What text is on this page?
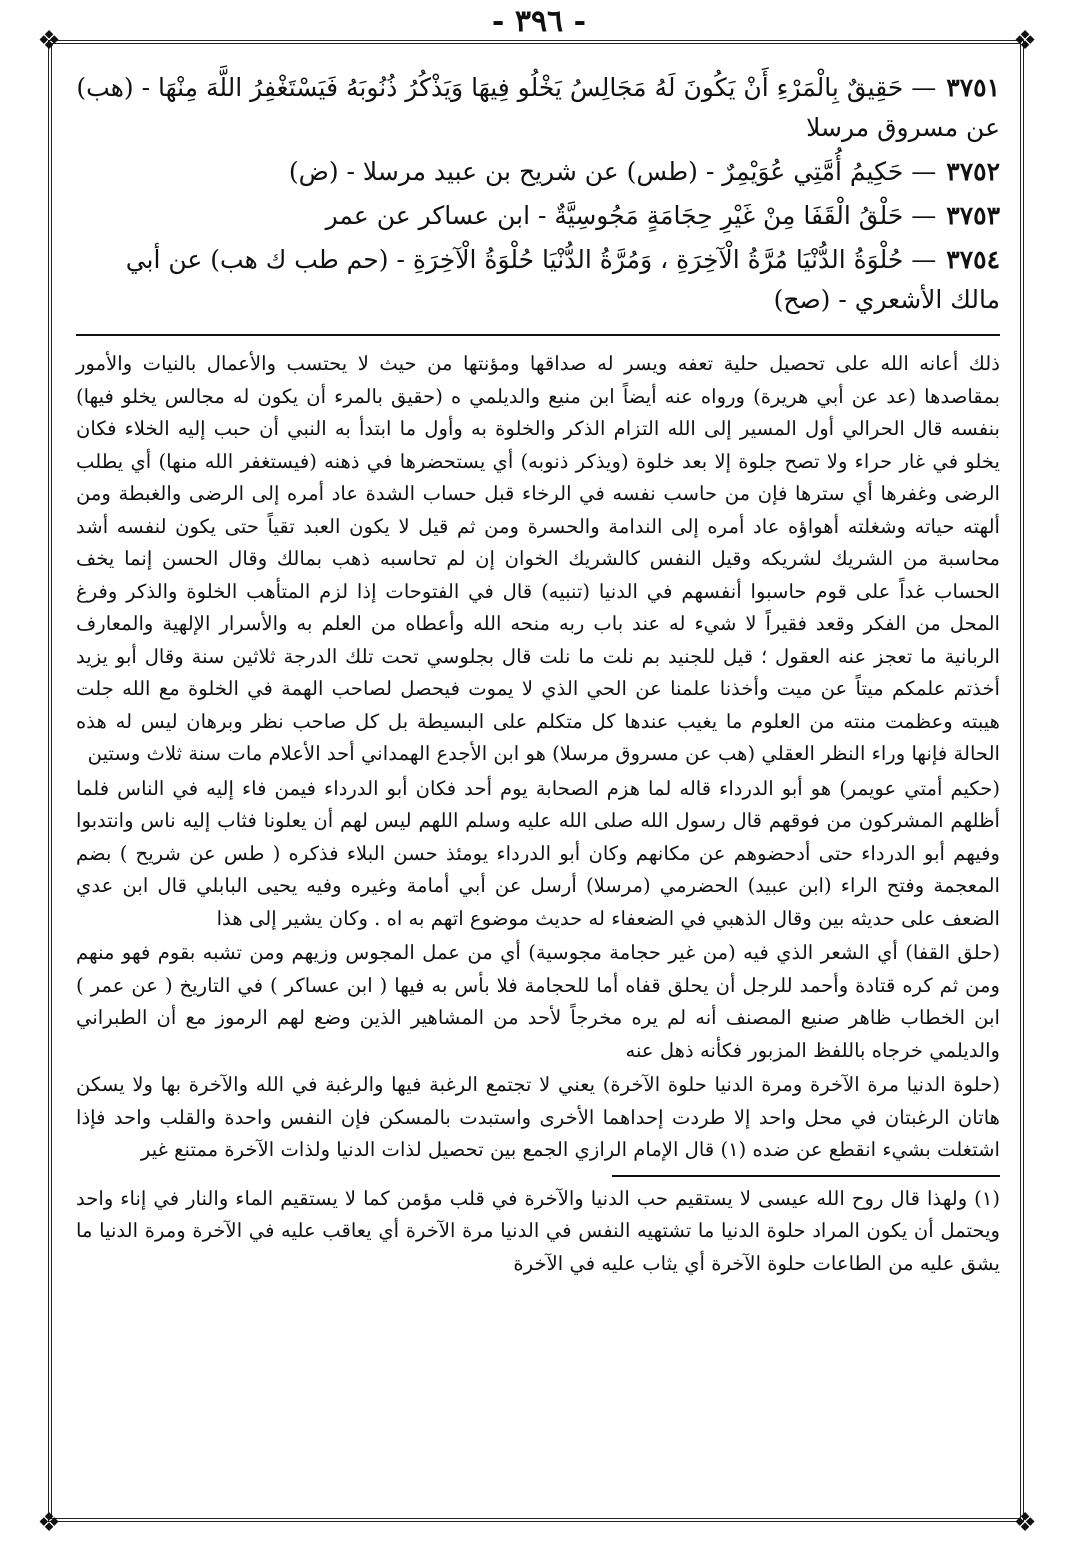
- ٣٩٦ -
❖	❖
❖	❖

٣٧٥١— حَقِيقٌ بِالْمَرْءِ أَنْ يَكُونَ لَهُ مَجَالِسُ يَخْلُو فِيهَا وَيَذْكُرُ ذُنُوبَهُ فَيَسْتَغْفِرُ اللَّهَ مِنْهَا - (هب) عن مسروق مرسلا

٣٧٥٢— حَكِيمُ أُمَّتِي عُوَيْمِرٌ - (طس) عن شريح بن عبيد مرسلا - (ض)

٣٧٥٣— حَلْقُ الْقَفَا مِنْ غَيْرِ حِجَامَةٍ مَجُوسِيَّةٌ - ابن عساكر عن عمر

٣٧٥٤— حُلْوَةُ الدُّنْيَا مُرَّةُ الْآخِرَةِ ، وَمُرَّةُ الدُّنْيَا حُلْوَةُ الْآخِرَةِ - (حم طب ك هب) عن أبي مالك الأشعري - (صح)

ذلك أعانه الله على تحصيل حلية تعفه ويسر له صداقها ومؤنتها من حيث لا يحتسب والأعمال بالنيات والأمور بمقاصدها (عد عن أبي هريرة) ورواه عنه أيضاً ابن منيع والديلمي ه (حقيق بالمرء أن يكون له مجالس يخلو فيها) بنفسه قال الحرالي أول المسير إلى الله التزام الذكر والخلوة به وأول ما ابتدأ به النبي أن حبب إليه الخلاء فكان يخلو في غار حراء ولا تصح جلوة إلا بعد خلوة (ويذكر ذنوبه) أي يستحضرها في ذهنه (فيستغفر الله منها) أي يطلب الرضى وغفرها أي سترها فإن من حاسب نفسه في الرخاء قبل حساب الشدة عاد أمره إلى الرضى والغبطة ومن ألهته حياته وشغلته أهواؤه عاد أمره إلى الندامة والحسرة ومن ثم قيل لا يكون العبد تقياً حتى يكون لنفسه أشد محاسبة من الشريك لشريكه وقيل النفس كالشريك الخوان إن لم تحاسبه ذهب بمالك وقال الحسن إنما يخف الحساب غداً على قوم حاسبوا أنفسهم في الدنيا (تنبيه) قال في الفتوحات إذا لزم المتأهب الخلوة والذكر وفرغ المحل من الفكر وقعد فقيراً لا شيء له عند باب ربه منحه الله وأعطاه من العلم به والأسرار الإلهية والمعارف الربانية ما تعجز عنه العقول ؛ قيل للجنيد بم نلت ما نلت قال بجلوسي تحت تلك الدرجة ثلاثين سنة وقال أبو يزيد أخذتم علمكم ميتاً عن ميت وأخذنا علمنا عن الحي الذي لا يموت فيحصل لصاحب الهمة في الخلوة مع الله جلت هيبته وعظمت منته من العلوم ما يغيب عندها كل متكلم على البسيطة بل كل صاحب نظر وبرهان ليس له هذه الحالة فإنها وراء النظر العقلي (هب عن مسروق مرسلا) هو ابن الأجدع الهمداني أحد الأعلام مات سنة ثلاث وستين

(حكيم أمتي عويمر) هو أبو الدرداء قاله لما هزم الصحابة يوم أحد فكان أبو الدرداء فيمن فاء إليه في الناس فلما أظلهم المشركون من فوقهم قال رسول الله صلى الله عليه وسلم اللهم ليس لهم أن يعلونا فثاب إليه ناس وانتدبوا وفيهم أبو الدرداء حتى أدحضوهم عن مكانهم وكان أبو الدرداء يومئذ حسن البلاء فذكره ( طس عن شريح ) بضم المعجمة وفتح الراء (ابن عبيد) الحضرمي (مرسلا) أرسل عن أبي أمامة وغيره وفيه يحيى البابلي قال ابن عدي الضعف على حديثه بين وقال الذهبي في الضعفاء له حديث موضوع اتهم به اه . وكان يشير إلى هذا

(حلق القفا) أي الشعر الذي فيه (من غير حجامة مجوسية) أي من عمل المجوس وزيهم ومن تشبه بقوم فهو منهم ومن ثم كره قتادة وأحمد للرجل أن يحلق قفاه أما للحجامة فلا بأس به فيها ( ابن عساكر ) في التاريخ ( عن عمر ) ابن الخطاب ظاهر صنيع المصنف أنه لم يره مخرجاً لأحد من المشاهير الذين وضع لهم الرموز مع أن الطبراني والديلمي خرجاه باللفظ المزبور فكأنه ذهل عنه

(حلوة الدنيا مرة الآخرة ومرة الدنيا حلوة الآخرة) يعني لا تجتمع الرغبة فيها والرغبة في الله والآخرة بها ولا يسكن هاتان الرغبتان في محل واحد إلا طردت إحداهما الأخرى واستبدت بالمسكن فإن النفس واحدة والقلب واحد فإذا اشتغلت بشيء انقطع عن ضده (١) قال الإمام الرازي الجمع بين تحصيل لذات الدنيا ولذات الآخرة ممتنع غير

(١) ولهذا قال روح الله عيسى لا يستقيم حب الدنيا والآخرة في قلب مؤمن كما لا يستقيم الماء والنار في إناء واحد ويحتمل أن يكون المراد حلوة الدنيا ما تشتهيه النفس في الدنيا مرة الآخرة أي يعاقب عليه في الآخرة ومرة الدنيا ما يشق عليه من الطاعات حلوة الآخرة أي يثاب عليه في الآخرة
